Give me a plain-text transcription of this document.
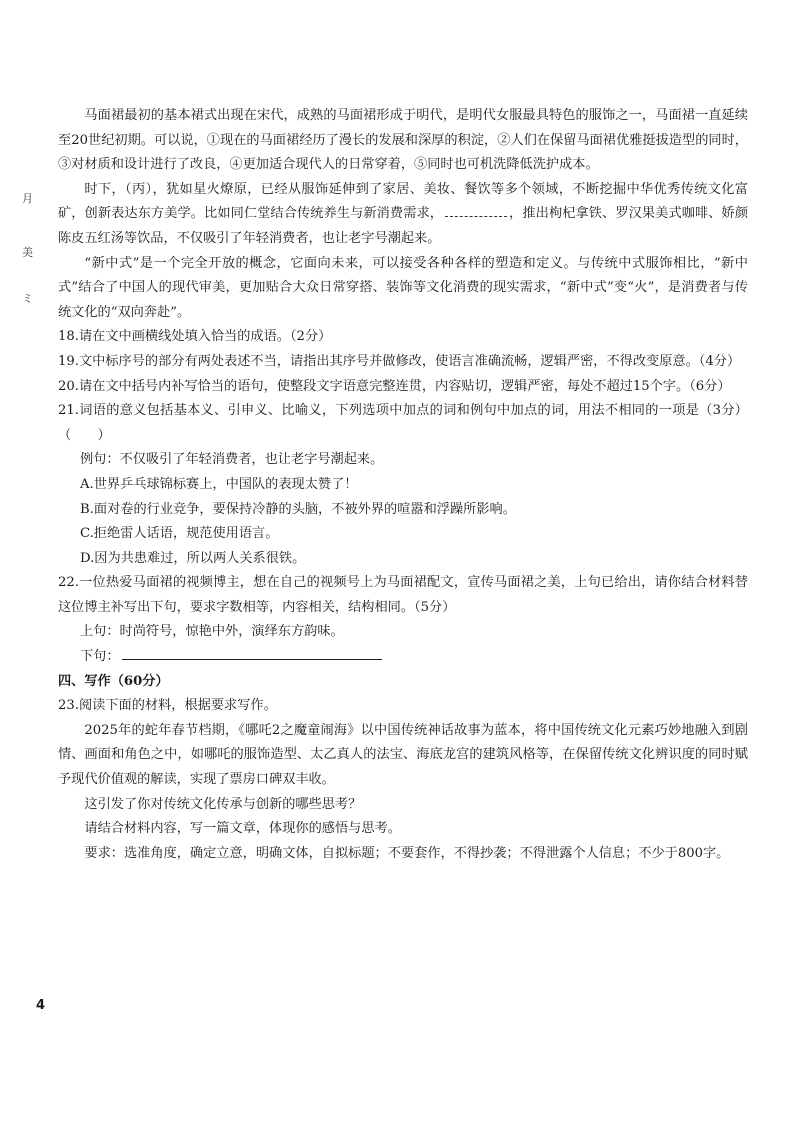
月
美
ミ

马面裙最初的基本裙式出现在宋代，成熟的马面裙形成于明代，是明代女服最具特色的服饰之一，马面裙一直延续至20世纪初期。可以说，①现在的马面裙经历了漫长的发展和深厚的积淀，②人们在保留马面裙优雅挺拔造型的同时，③对材质和设计进行了改良，④更加适合现代人的日常穿着，⑤同时也可机洗降低洗护成本。

时下，（丙），犹如星火燎原，已经从服饰延伸到了家居、美妆、餐饮等多个领域，不断挖掘中华优秀传统文化富矿，创新表达东方美学。比如同仁堂结合传统养生与新消费需求，	，推出枸杞拿铁、罗汉果美式咖啡、娇颜陈皮五红汤等饮品，不仅吸引了年轻消费者，也让老字号潮起来。

“新中式”是一个完全开放的概念，它面向未来，可以接受各种各样的塑造和定义。与传统中式服饰相比，“新中式”结合了中国人的现代审美，更加贴合大众日常穿搭、装饰等文化消费的现实需求，“新中式”变“火”，是消费者与传统文化的“双向奔赴”。

18.请在文中画横线处填入恰当的成语。（2分）

19.文中标序号的部分有两处表述不当，请指出其序号并做修改，使语言准确流畅，逻辑严密，不得改变原意。（4分）

20.请在文中括号内补写恰当的语句，使整段文字语意完整连贯，内容贴切，逻辑严密，每处不超过15个字。（6分）

21.词语的意义包括基本义、引申义、比喻义，下列选项中加点的词和例句中加点的词，用法不相同的一项是（3分）（　　）

例句：不仅吸引了年轻消费者，也让老字号潮起来。

A.世界乒乓球锦标赛上，中国队的表现太赞了！

B.面对卷的行业竞争，要保持冷静的头脑，不被外界的喧嚣和浮躁所影响。

C.拒绝雷人话语，规范使用语言。

D.因为共患难过，所以两人关系很铁。

22.一位热爱马面裙的视频博主，想在自己的视频号上为马面裙配文，宣传马面裙之美，上句已给出，请你结合材料替这位博主补写出下句，要求字数相等，内容相关，结构相同。（5分）

上句：时尚符号，惊艳中外，演绎东方韵味。

下句：

四、写作（60分）

23.阅读下面的材料，根据要求写作。

2025年的蛇年春节档期，《哪吒2之魔童闹海》以中国传统神话故事为蓝本，将中国传统文化元素巧妙地融入到剧情、画面和角色之中，如哪吒的服饰造型、太乙真人的法宝、海底龙宫的建筑风格等，在保留传统文化辨识度的同时赋予现代价值观的解读，实现了票房口碑双丰收。

这引发了你对传统文化传承与创新的哪些思考？

请结合材料内容，写一篇文章，体现你的感悟与思考。

要求：选准角度，确定立意，明确文体，自拟标题；不要套作，不得抄袭；不得泄露个人信息；不少于800字。

4
